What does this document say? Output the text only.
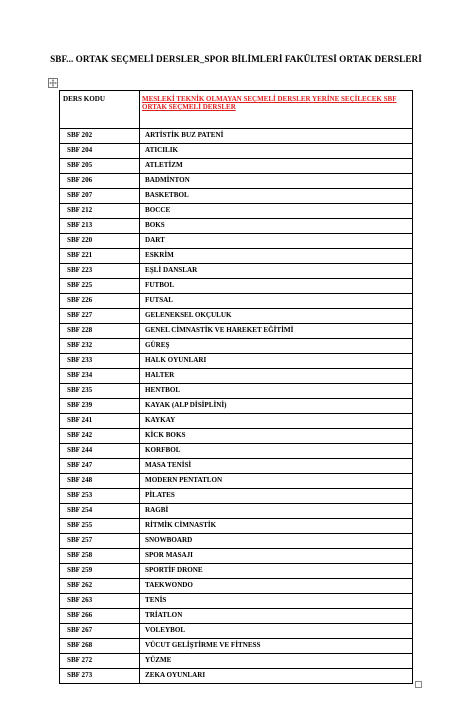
SBF... ORTAK SEÇMELİ DERSLER_SPOR BİLİMLERİ FAKÜLTESİ ORTAK DERSLERİ
DERS KODU	MESLEKİ TEKNİK OLMAYAN SEÇMELİ DERSLER YERİNE SEÇİLECEK SBF ORTAK SEÇMELİ DERSLER
SBF 202	ARTİSTİK BUZ PATENİ
SBF 204	ATICILIK
SBF 205	ATLETİZM
SBF 206	BADMİNTON
SBF 207	BASKETBOL
SBF 212	BOCCE
SBF 213	BOKS
SBF 220	DART
SBF 221	ESKRİM
SBF 223	EŞLİ DANSLAR
SBF 225	FUTBOL
SBF 226	FUTSAL
SBF 227	GELENEKSEL OKÇULUK
SBF 228	GENEL CİMNASTİK VE HAREKET EĞİTİMİ
SBF 232	GÜREŞ
SBF 233	HALK OYUNLARI
SBF 234	HALTER
SBF 235	HENTBOL
SBF 239	KAYAK (ALP DİSİPLİNİ)
SBF 241	KAYKAY
SBF 242	KİCK BOKS
SBF 244	KORFBOL
SBF 247	MASA TENİSİ
SBF 248	MODERN PENTATLON
SBF 253	PİLATES
SBF 254	RAGBİ
SBF 255	RİTMİK CİMNASTİK
SBF 257	SNOWBOARD
SBF 258	SPOR MASAJI
SBF 259	SPORTİF DRONE
SBF 262	TAEKWONDO
SBF 263	TENİS
SBF 266	TRİATLON
SBF 267	VOLEYBOL
SBF 268	VÜCUT GELİŞTİRME VE FİTNESS
SBF 272	YÜZME
SBF 273	ZEKA OYUNLARI
